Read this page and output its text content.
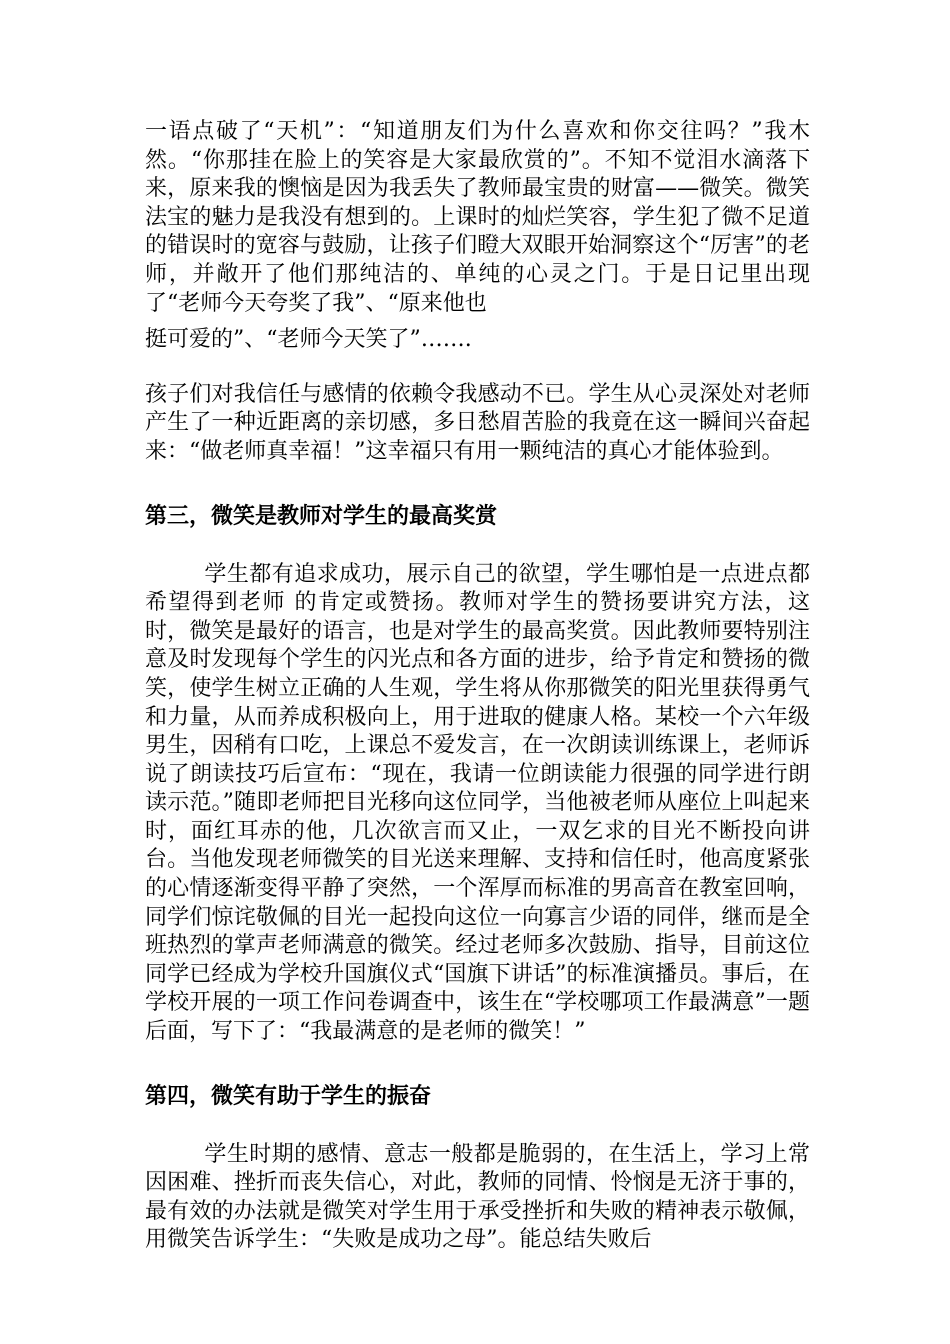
一语点破了“天机”：“知道朋友们为什么喜欢和你交往吗？”我木然。“你那挂在脸上的笑容是大家最欣赏的”。不知不觉泪水滴落下来，原来我的懊恼是因为我丢失了教师最宝贵的财富——微笑。微笑法宝的魅力是我没有想到的。上课时的灿烂笑容，学生犯了微不足道的错误时的宽容与鼓励，让孩子们瞪大双眼开始洞察这个“厉害”的老师，并敞开了他们那纯洁的、单纯的心灵之门。于是日记里出现了“老师今天夸奖了我”、“原来他也
挺可爱的”、“老师今天笑了”…….

孩子们对我信任与感情的依赖令我感动不已。学生从心灵深处对老师产生了一种近距离的亲切感，多日愁眉苦脸的我竟在这一瞬间兴奋起来：“做老师真幸福！”这幸福只有用一颗纯洁的真心才能体验到。

第三，微笑是教师对学生的最高奖赏

学生都有追求成功，展示自己的欲望，学生哪怕是一点进点都希望得到老师 的肯定或赞扬。教师对学生的赞扬要讲究方法，这时，微笑是最好的语言，也是对学生的最高奖赏。因此教师要特别注意及时发现每个学生的闪光点和各方面的进步，给予肯定和赞扬的微笑，使学生树立正确的人生观，学生将从你那微笑的阳光里获得勇气和力量，从而养成积极向上，用于进取的健康人格。某校一个六年级男生，因稍有口吃，上课总不爱发言，在一次朗读训练课上，老师诉说了朗读技巧后宣布：“现在，我请一位朗读能力很强的同学进行朗读示范。”随即老师把目光移向这位同学，当他被老师从座位上叫起来时，面红耳赤的他，几次欲言而又止，一双乞求的目光不断投向讲台。当他发现老师微笑的目光送来理解、支持和信任时，他高度紧张的心情逐渐变得平静了突然，一个浑厚而标准的男高音在教室回响，同学们惊诧敬佩的目光一起投向这位一向寡言少语的同伴，继而是全班热烈的掌声老师满意的微笑。经过老师多次鼓励、指导，目前这位同学已经成为学校升国旗仪式“国旗下讲话”的标准演播员。事后，在学校开展的一项工作问卷调查中，该生在“学校哪项工作最满意”一题后面，写下了：“我最满意的是老师的微笑！”

第四，微笑有助于学生的振奋

学生时期的感情、意志一般都是脆弱的，在生活上，学习上常因困难、挫折而丧失信心，对此，教师的同情、怜悯是无济于事的，最有效的办法就是微笑对学生用于承受挫折和失败的精神表示敬佩，用微笑告诉学生：“失败是成功之母”。能总结失败后
